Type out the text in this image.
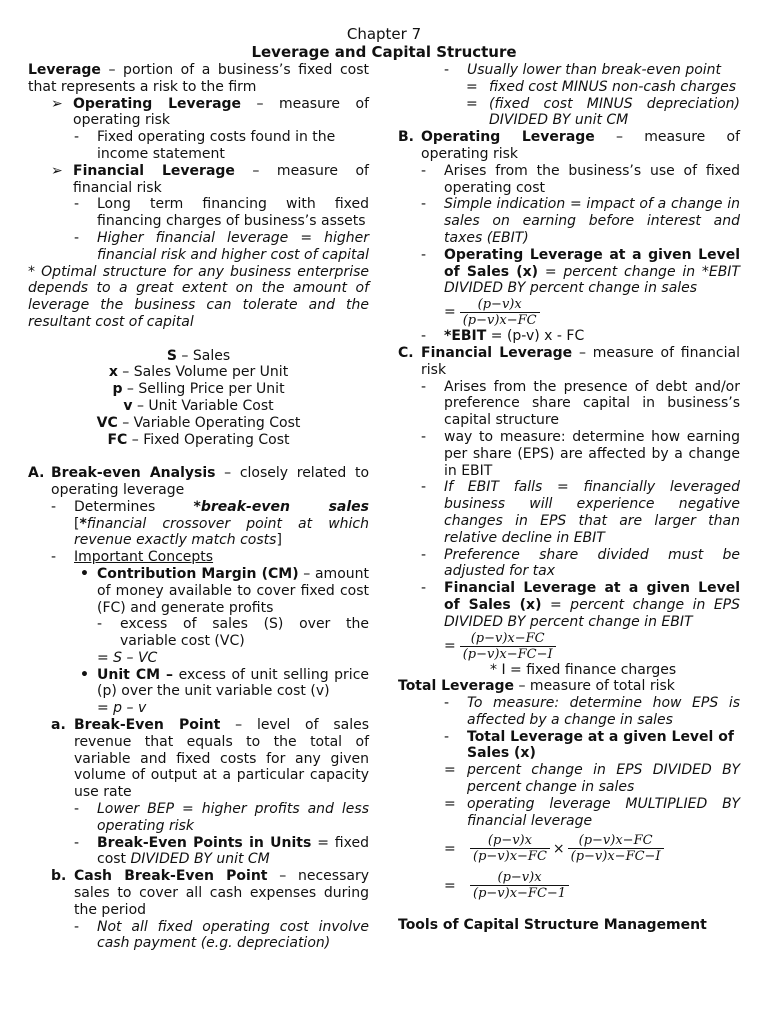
Chapter 7
Leverage and Capital Structure

Leverage – portion of a business’s fixed cost that represents a risk to the firm

➢ Operating Leverage – measure of operating risk

-	Fixed operating costs found in the income statement

➢ Financial Leverage – measure of financial risk

-	Long term financing with fixed financing charges of business’s assets

-	Higher financial leverage = higher financial risk and higher cost of capital

* Optimal structure for any business enterprise depends to a great extent on the amount of leverage the business can tolerate and the resultant cost of capital

S – Sales
x – Sales Volume per Unit
p – Selling Price per Unit
v – Unit Variable Cost
VC – Variable Operating Cost
FC – Fixed Operating Cost
A. Break-even Analysis – closely related to operating leverage

-	Determines *break-even sales

[*financial crossover point at which revenue exactly match costs]

-	Important Concepts

• Contribution Margin (CM) – amount of money available to cover fixed cost (FC) and generate profits

-	excess of sales (S) over the variable cost (VC)

= S – VC

• Unit CM – excess of unit selling price (p) over the unit variable cost (v)

= p – v

a. Break-Even Point – level of sales revenue that equals to the total of variable and fixed costs for any given volume of output at a particular capacity use rate

-	Lower BEP = higher profits and less operating risk

-	Break-Even Points in Units = fixed cost DIVIDED BY unit CM

b. Cash Break-Even Point – necessary sales to cover all cash expenses during the period

-	Not all fixed operating cost involve cash payment (e.g. depreciation)

-	Usually lower than break-even point

= fixed cost MINUS non-cash charges

= (fixed cost MINUS depreciation) DIVIDED BY unit CM

B. Operating Leverage – measure of operating risk

-	Arises from the business’s use of fixed operating cost

-	Simple indication = impact of a change in sales on earning before interest and taxes (EBIT)

-	Operating Leverage at a given Level of Sales (x) = percent change in *EBIT DIVIDED BY percent change in sales

= $\frac{(p-v)x}{(p-v)x-FC}$
-	*EBIT = (p-v) x - FC

C. Financial Leverage – measure of financial risk

-	Arises from the presence of debt and/or preference share capital in business’s capital structure

-	way to measure: determine how earning per share (EPS) are affected by a change in EBIT

-	If EBIT falls = financially leveraged business will experience negative changes in EPS that are larger than relative decline in EBIT

-	Preference share divided must be adjusted for tax

-	Financial Leverage at a given Level of Sales (x) = percent change in EPS DIVIDED BY percent change in EBIT

= $\frac{(p-v)x-FC}{(p-v)x-FC-I}$

* I = fixed finance charges

Total Leverage – measure of total risk

-	To measure: determine how EPS is affected by a change in sales

-	Total Leverage at a given Level of Sales (x)

= percent change in EPS DIVIDED BY percent change in sales

= operating leverage MULTIPLIED BY financial leverage

=	$\frac{(p-v)x}{(p-v)x-FC} \times \frac{(p-v)x-FC}{(p-v)x-FC-I}$
=	$\frac{(p-v)x}{(p-v)x-FC-1}$

Tools of Capital Structure Management
